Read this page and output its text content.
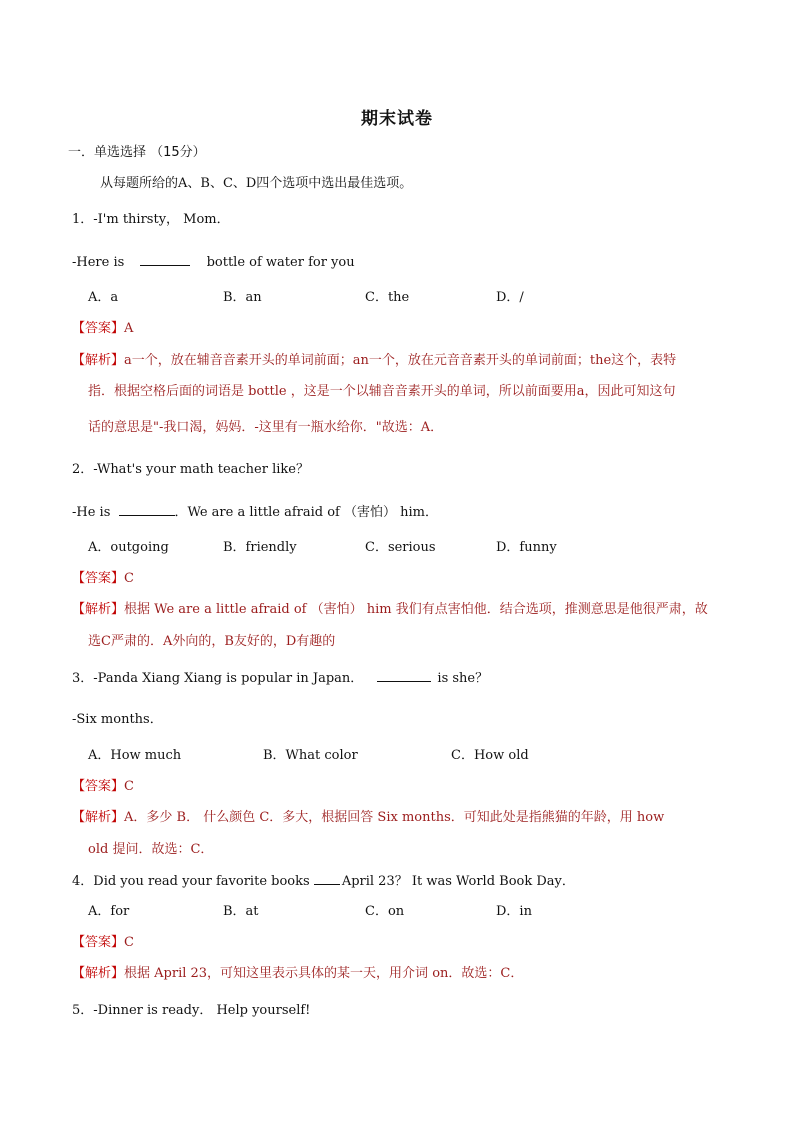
期末试卷
一．单选选择 （15分）
从每题所给的A、B、C、D四个选项中选出最佳选项。
1．-I'm thirsty， Mom．
-Here is	bottle of water for you
A．a	B．an	C．the	D．/
【答案】A
【解析】a一个，放在辅音音素开头的单词前面；an一个，放在元音音素开头的单词前面；the这个，表特
指．根据空格后面的词语是 bottle ，这是一个以辅音音素开头的单词，所以前面要用a，因此可知这句
话的意思是"-我口渴，妈妈．-这里有一瓶水给你．"故选：A．
2．-What's your math teacher like？
-He is	．We are a little afraid of （害怕） him．
A．outgoing	B．friendly	C．serious	D．funny
【答案】C
【解析】根据 We are a little afraid of （害怕） him 我们有点害怕他．结合选项，推测意思是他很严肃，故
选C严肃的．A外向的，B友好的，D有趣的
3．-Panda Xiang Xiang is popular in Japan．	is she？
-Six months．
A．How much	B．What color	C．How old
【答案】C
【解析】A．多少 B． 什么颜色 C．多大，根据回答 Six months．可知此处是指熊猫的年龄，用 how
old 提问．故选：C．
4．Did you read your favorite books April 23？ It was World Book Day．
A．for	B．at	C．on	D．in
【答案】C
【解析】根据 April 23，可知这里表示具体的某一天，用介词 on．故选：C．
5．-Dinner is ready． Help yourself!
